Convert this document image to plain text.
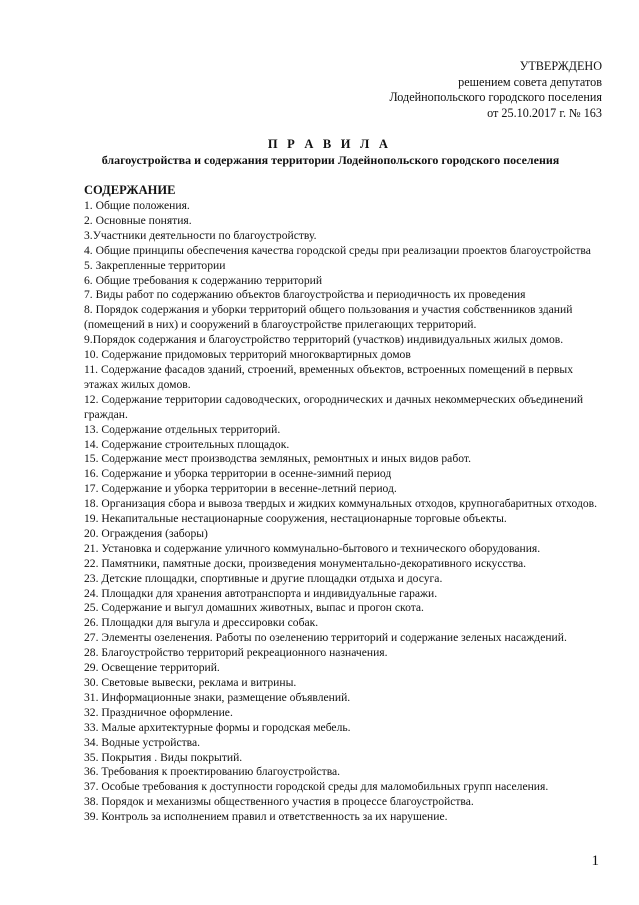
УТВЕРЖДЕНО
решением совета депутатов
Лодейнопольского городского поселения
от 25.10.2017 г. № 163
П Р А В И Л А
благоустройства и содержания территории Лодейнопольского городского поселения
СОДЕРЖАНИЕ
1. Общие положения.
2. Основные понятия.
3.Участники деятельности по благоустройству.
4. Общие принципы обеспечения качества городской среды при реализации проектов благоустройства
5. Закрепленные территории
6. Общие требования к содержанию территорий
7. Виды работ по содержанию объектов благоустройства и периодичность их проведения
8. Порядок содержания и уборки территорий общего пользования и участия собственников зданий (помещений в них) и сооружений в благоустройстве прилегающих территорий.
9.Порядок содержания и благоустройство территорий (участков) индивидуальных жилых домов.
10. Содержание придомовых территорий многоквартирных домов
11. Содержание фасадов зданий, строений, временных объектов, встроенных помещений в первых этажах жилых домов.
12. Содержание территории садоводческих, огороднических и дачных некоммерческих объединений граждан.
13. Содержание отдельных территорий.
14. Содержание строительных площадок.
15. Содержание мест производства земляных, ремонтных и иных видов работ.
16. Содержание и уборка территории в осенне-зимний период
17. Содержание и уборка территории в весенне-летний период.
18. Организация сбора и вывоза твердых и жидких коммунальных отходов, крупногабаритных отходов.
19. Некапитальные нестационарные сооружения, нестационарные торговые объекты.
20. Ограждения (заборы)
21. Установка и содержание уличного коммунально-бытового и технического оборудования.
22. Памятники, памятные доски, произведения монументально-декоративного искусства.
23. Детские площадки, спортивные и другие площадки отдыха и досуга.
24. Площадки для хранения автотранспорта и индивидуальные гаражи.
25. Содержание и выгул домашних животных, выпас и прогон скота.
26. Площадки для выгула и дрессировки собак.
27. Элементы озеленения. Работы по озеленению территорий и содержание зеленых насаждений.
28. Благоустройство территорий рекреационного назначения.
29. Освещение территорий.
30. Световые вывески, реклама и витрины.
31. Информационные знаки, размещение объявлений.
32. Праздничное оформление.
33. Малые архитектурные формы и городская мебель.
34. Водные устройства.
35. Покрытия . Виды покрытий.
36. Требования к проектированию благоустройства.
37. Особые требования к доступности городской среды для маломобильных групп населения.
38. Порядок и механизмы общественного участия в процессе благоустройства.
39. Контроль за исполнением правил и ответственность за их нарушение.
1
